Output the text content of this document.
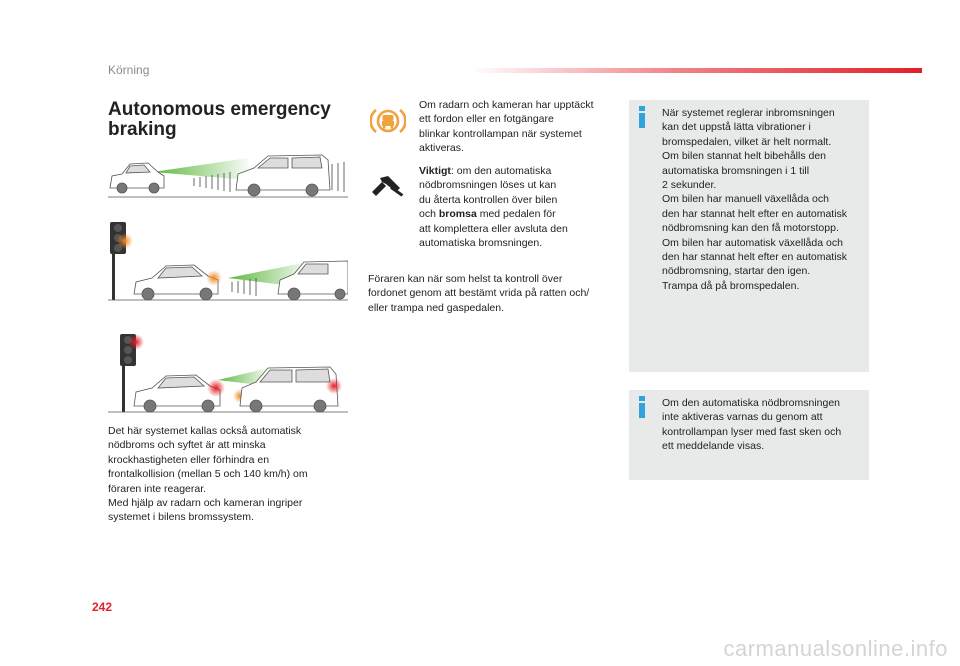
Körning
Autonomous emergency braking
Det här systemet kallas också automatisk
nödbroms och syftet är att minska
krockhastigheten eller förhindra en
frontalkollision (mellan 5 och 140 km/h) om
föraren inte reagerar.
Med hjälp av radarn och kameran ingriper
systemet i bilens bromssystem.
Om radarn och kameran har upptäckt
ett fordon eller en fotgängare
blinkar kontrollampan när systemet
aktiveras.
Viktigt: om den automatiska
nödbromsningen löses ut kan
du återta kontrollen över bilen
och bromsa med pedalen för
att komplettera eller avsluta den
automatiska bromsningen.
Föraren kan när som helst ta kontroll över
fordonet genom att bestämt vrida på ratten och/
eller trampa ned gaspedalen.
När systemet reglerar inbromsningen
kan det uppstå lätta vibrationer i
bromspedalen, vilket är helt normalt.
Om bilen stannat helt bibehålls den
automatiska bromsningen i 1 till
2 sekunder.
Om bilen har manuell växellåda och
den har stannat helt efter en automatisk
nödbromsning kan den få motorstopp.
Om bilen har automatisk växellåda och
den har stannat helt efter en automatisk
nödbromsning, startar den igen.
Trampa då på bromspedalen.
Om den automatiska nödbromsningen
inte aktiveras varnas du genom att
kontrollampan lyser med fast sken och
ett meddelande visas.
242
carmanualsonline.info
